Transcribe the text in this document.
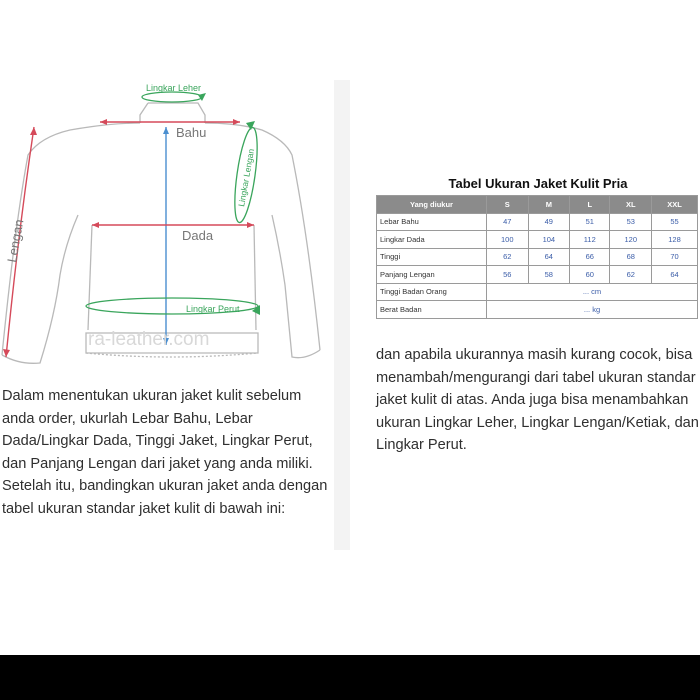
Lingkar Leher
Bahu
Lingkar Lengan
Lengan	Dada
Lingkar Perut
ra-leather.com
Dalam menentukan ukuran jaket kulit sebelum anda order, ukurlah Lebar Bahu, Lebar Dada/Lingkar Dada, Tinggi Jaket, Lingkar Perut, dan Panjang Lengan dari jaket yang anda miliki. Setelah itu, bandingkan ukuran jaket anda dengan tabel ukuran standar jaket kulit di bawah ini:
Tabel Ukuran Jaket Kulit Pria
Yang diukur	S	M	L	XL	XXL
Lebar Bahu	47	49	51	53	55
Lingkar Dada	100	104	112	120	128
Tinggi	62	64	66	68	70
Panjang Lengan	56	58	60	62	64
Tinggi Badan Orang	... cm				
Berat Badan	... kg				
dan apabila ukurannya masih kurang cocok, bisa menambah/mengurangi dari tabel ukuran standar jaket kulit di atas. Anda juga bisa menambahkan ukuran Lingkar Leher, Lingkar Lengan/Ketiak, dan Lingkar Perut.
